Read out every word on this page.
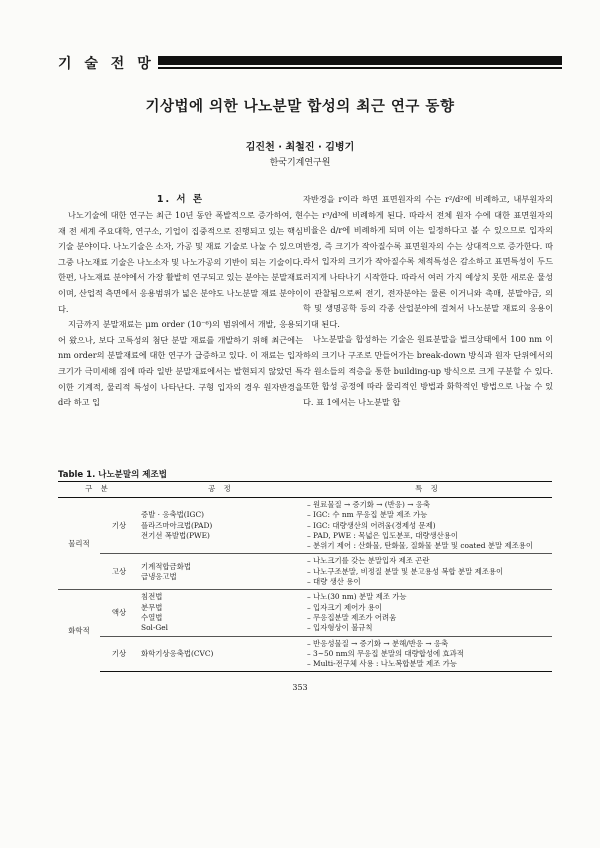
기 술 전 망
기상법에 의한 나노분말 합성의 최근 연구 동향
김진천 · 최철진 · 김병기
한국기계연구원
1. 서 론

나노기술에 대한 연구는 최근 10년 동안 폭발적으로 증가하여, 현재 전 세계 주요대학, 연구소, 기업이 집중적으로 진행되고 있는 핵심 기술 분야이다. 나노기술은 소자, 가공 및 재료 기술로 나눌 수 있으며 그중 나노재료 기술은 나노소자 및 나노가공의 기반이 되는 기술이다. 한편, 나노재료 분야에서 가장 활발히 연구되고 있는 분야는 분말재료이며, 산업적 측면에서 응용범위가 넓은 분야도 나노분말 재료 분야이다.

지금까지 분말재료는 μm order (10⁻⁶)의 범위에서 개발, 응용되어 왔으나, 보다 고특성의 첨단 분말 재료를 개발하기 위해 최근에는 nm order의 분말재료에 대한 연구가 급증하고 있다. 이 재료는 입자크기가 극미세해 짐에 따라 일반 분말재료에서는 발현되지 않았던 특이한 기계적, 물리적 특성이 나타난다. 구형 입자의 경우 원자반경을 d라 하고 입

자반경을 r이라 하면 표면원자의 수는 r²/d²에 비례하고, 내부원자의 수는 r³/d³에 비례하게 된다. 따라서 전체 원자 수에 대한 표면원자의 비율은 d/r에 비례하게 되며 이는 일정하다고 볼 수 있으므로 입자의 반경, 즉 크기가 작아질수록 표면원자의 수는 상대적으로 증가한다. 따라서 입자의 크기가 작아질수록 체적특성은 감소하고 표면특성이 두드러지게 나타나기 시작한다. 따라서 여러 가지 예상치 못한 새로운 물성이 관찰됨으로써 전기, 전자분야는 물론 이거니와 촉매, 분말야금, 의학 및 생명공학 등의 각종 산업분야에 걸쳐서 나노분말 재료의 응용이 기대 된다.

나노분말을 합성하는 기술은 원료분말을 벌크상태에서 100 nm 이하의 크기나 구조로 만들어가는 break-down 방식과 원자 단위에서의 각 원소들의 적층을 통한 building-up 방식으로 크게 구분할 수 있다. 또한 합성 공정에 따라 물리적인 방법과 화학적인 방법으로 나눌 수 있다. 표 1에서는 나노분말 합

Table 1. 나노분말의 제조법
구 분		공 정	특 징
물리적	기상	증발 · 응축법(IGC)
플라즈마아크법(PAD)
전기선 폭발법(PWE)	– 원료물질 → 증기화 → (반응) → 응축
– IGC: 수 nm 무응집 분말 제조 가능
– IGC: 대량생산의 어려움(경제성 문제)
– PAD, PWE : 목넓은 입도분포, 대량생산용이
– 분위기 제어 : 산화물, 탄화물, 질화물 분말 및 coated 분말 제조용이

	고상	기계적합금화법
급냉응고법	– 나노크기를 갖는 분말입자 제조 곤란
– 나노구조분말, 비정질 분말 및 분고용성 복합 분말 제조용이
– 대량 생산 용이

화학적	액상	침전법
분무법
수열법
Sol-Gel	– 나노(30 nm) 분말 제조 가능
– 입자크기 제어가 용이
– 무응집분말 제조가 어려움
– 입자형상이 불규칙

	기상	화학기상응축법(CVC)	– 반응성물질 → 증기화 → 분해/반응 → 응축
– 3~50 nm의 무응집 분말의 대량합성에 효과적
– Multi-전구체 사용 : 나노복합분말 제조 가능
353
